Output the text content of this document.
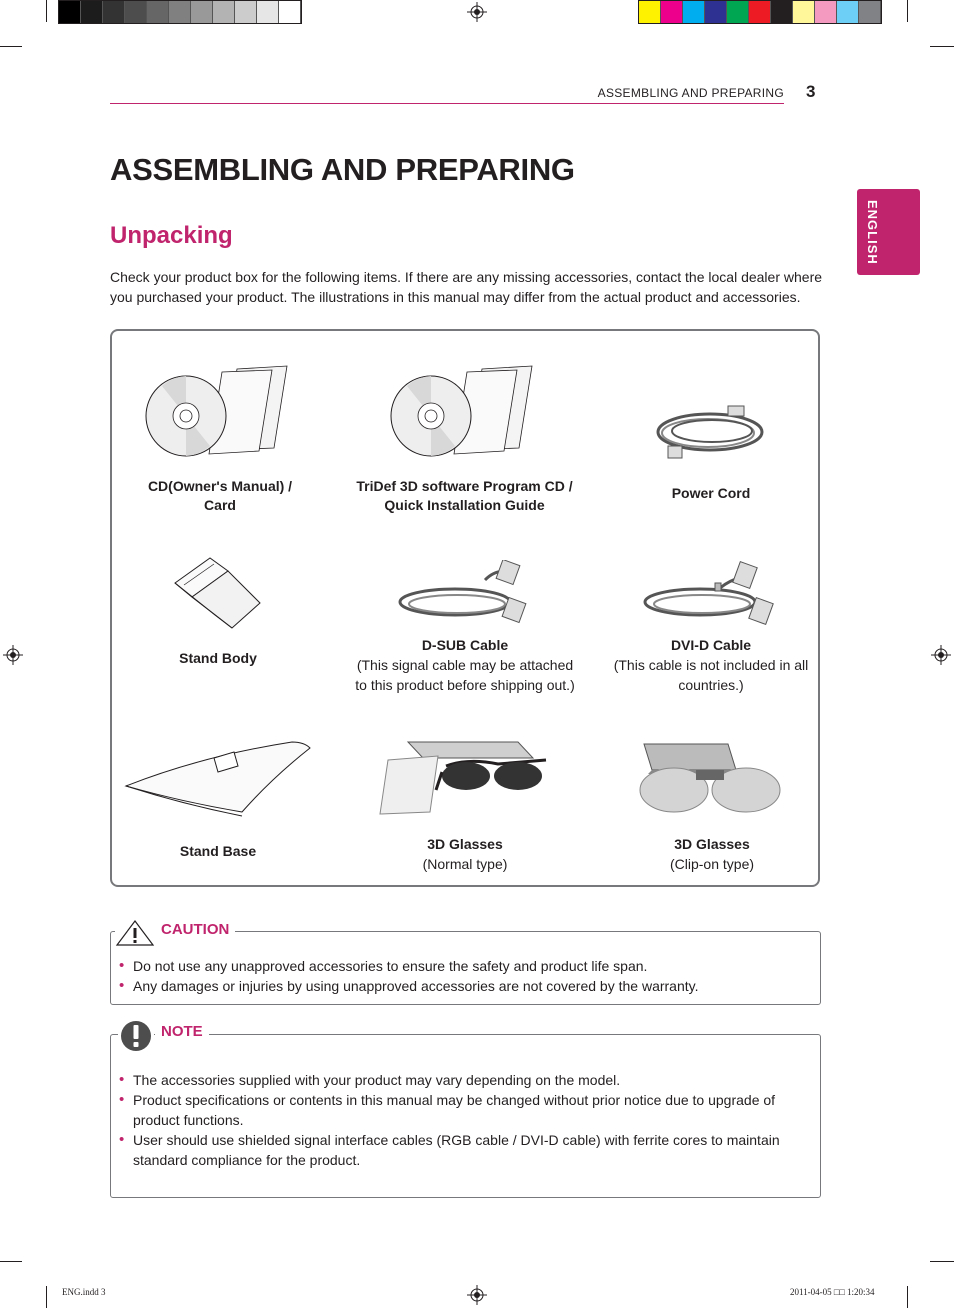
ASSEMBLING AND PREPARING 3
ENGLISH
ASSEMBLING AND PREPARING
Unpacking

Check your product box for the following items. If there are any missing accessories, contact the local dealer where you purchased your product. The illustrations in this manual may differ from the actual product and accessories.

CD(Owner's Manual) /
Card
TriDef 3D software Program CD /
Quick Installation Guide
Power Cord
Stand Body
D-SUB Cable
(This signal cable may be attached
to this product before shipping out.)
DVI-D Cable
(This cable is not included in all
countries.)
Stand Base	3D Glasses
(Normal type)
3D Glasses
(Clip-on type)
CAUTION
• Do not use any unapproved accessories to ensure the safety and product life span.
• Any damages or injuries by using unapproved accessories are not covered by the warranty.
NOTE
• The accessories supplied with your product may vary depending on the model.
• Product specifications or contents in this manual may be changed without prior notice due to upgrade of product functions.
• User should use shielded signal interface cables (RGB cable / DVI-D cable) with ferrite cores to maintain standard compliance for the product.
ENG.indd 3	2011-04-05 □□ 1:20:34
